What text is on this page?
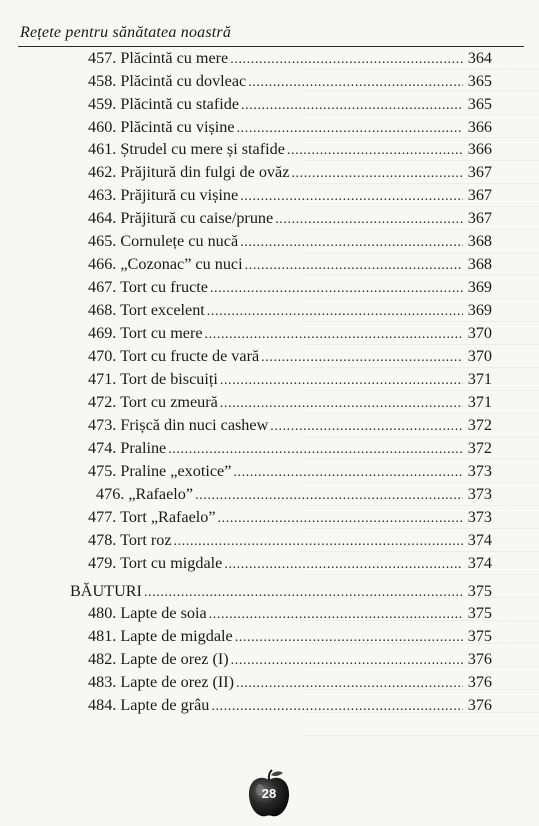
Rețete pentru sănătatea noastră
457. Plăcintă cu mere .....	364
458. Plăcintă cu dovleac .....	365
459. Plăcintă cu stafide .....	365
460. Plăcintă cu vișine .....	366
461. Ștrudel cu mere și stafide .....	366
462. Prăjitură din fulgi de ovăz .....	367
463. Prăjitură cu vișine .....	367
464. Prăjitură cu caise/prune .....	367
465. Cornulețe cu nucă .....	368
466. „Cozonac” cu nuci .....	368
467. Tort cu fructe .....	369
468. Tort excelent .....	369
469. Tort cu mere .....	370
470. Tort cu fructe de vară .....	370
471. Tort de biscuiți .....	371
472. Tort cu zmeură .....	371
473. Frișcă din nuci cashew .....	372
474. Praline .....	372
475. Praline „exotice” .....	373
476. „Rafaelo” .....	373
477. Tort „Rafaelo” .....	373
478. Tort roz .....	374
479. Tort cu migdale .....	374
BĂUTURI .....	375
480. Lapte de soia .....	375
481. Lapte de migdale .....	375
482. Lapte de orez (I) .....	376
483. Lapte de orez (II) .....	376
484. Lapte de grâu .....	376
28
